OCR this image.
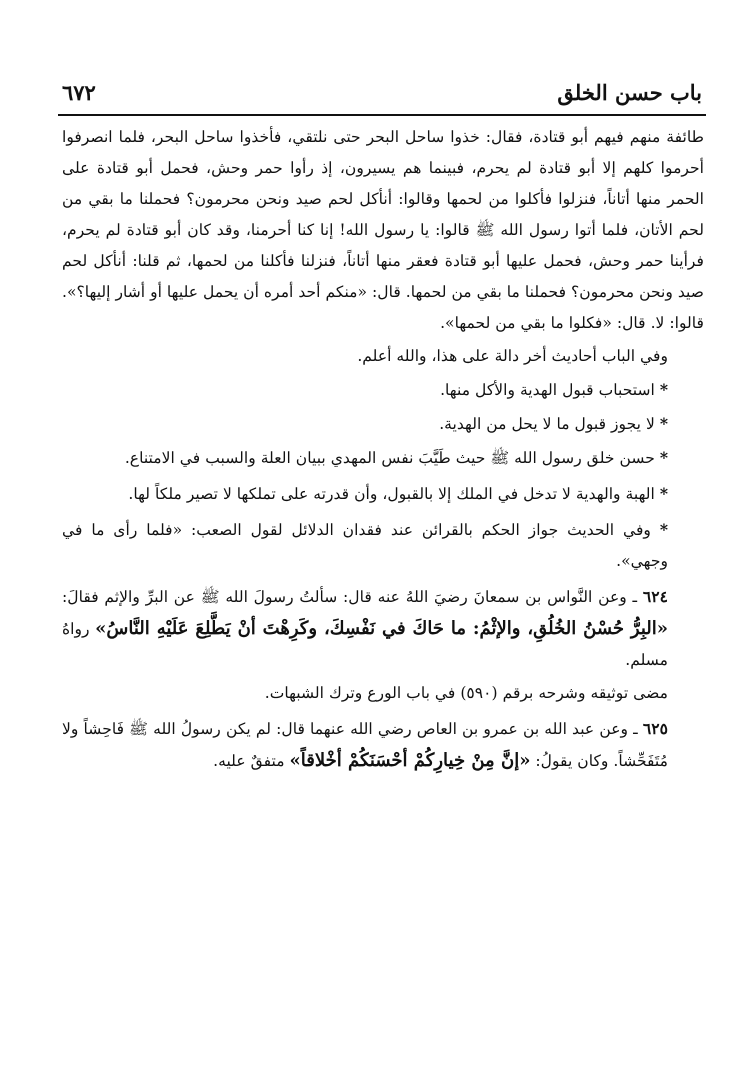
٦٧٢	باب حسن الخلق

طائفة منهم فيهم أبو قتادة، فقال: خذوا ساحل البحر حتى نلتقي، فأخذوا ساحل البحر، فلما انصرفوا أحرموا كلهم إلا أبو قتادة لم يحرم، فبينما هم يسيرون، إذ رأوا حمر وحش، فحمل أبو قتادة على الحمر منها أتاناً، فنزلوا فأكلوا من لحمها وقالوا: أنأكل لحم صيد ونحن محرمون؟ فحملنا ما بقي من لحم الأتان، فلما أتوا رسول الله ﷺ قالوا: يا رسول الله! إنا كنا أحرمنا، وقد كان أبو قتادة لم يحرم، فرأينا حمر وحش، فحمل عليها أبو قتادة فعقر منها أتاناً، فنزلنا فأكلنا من لحمها، ثم قلنا: أنأكل لحم صيد ونحن محرمون؟ فحملنا ما بقي من لحمها. قال: «منكم أحد أمره أن يحمل عليها أو أشار إليها؟». قالوا: لا. قال: «فكلوا ما بقي من لحمها».

وفي الباب أحاديث أخر دالة على هذا، والله أعلم.

* استحباب قبول الهدية والأكل منها.

* لا يجوز قبول ما لا يحل من الهدية.

* حسن خلق رسول الله ﷺ حيث طَيَّبَ نفس المهدي ببيان العلة والسبب في الامتناع.

* الهبة والهدية لا تدخل في الملك إلا بالقبول، وأن قدرته على تملكها لا تصير ملكاً لها.

* وفي الحديث جواز الحكم بالقرائن عند فقدان الدلائل لقول الصعب: «فلما رأى ما في وجهي».

٦٢٤ ـ وعن النَّواس بن سمعانَ رضيَ اللهُ عنه قال: سألتُ رسولَ الله ﷺ عن البرِّ والإثم فقالَ: «البِرُّ حُسْنُ الخُلُقِ، والإثْمُ: ما حَاكَ في نَفْسِكَ، وكَرِهْتَ أنْ يَطَّلِعَ عَلَيْهِ النَّاسُ» رواهُ مسلم.

مضى توثيقه وشرحه برقم (٥٩٠) في باب الورع وترك الشبهات.

٦٢٥ ـ وعن عبد الله بن عمرو بن العاص رضي الله عنهما قال: لم يكن رسولُ الله ﷺ فَاحِشاً ولا مُتَفَحِّشاً. وكان يقولُ: «إنَّ مِنْ خِيارِكُمْ أحْسَنَكُمْ أخْلاقاً» متفقٌ عليه.
